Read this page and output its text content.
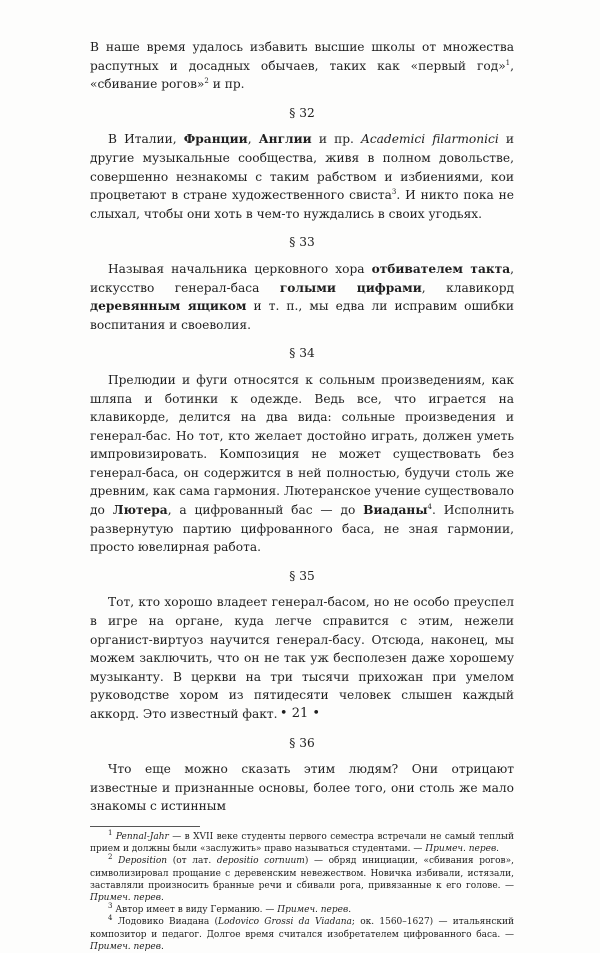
В наше время удалось избавить высшие школы от множества распутных и досадных обычаев, таких как «первый год»$^1$, «сбивание рогов»$^2$ и пр.

§ 32

В Италии, Франции, Англии и пр. Academici filarmonici и другие музыкальные сообщества, живя в полном довольстве, совершенно незнакомы с таким рабством и избиениями, кои процветают в стране художественного свиста$^3$. И никто пока не слыхал, чтобы они хоть в чем-то нуждались в своих угодьях.

§ 33

Называя начальника церковного хора отбивателем такта, искусство генерал-баса голыми цифрами, клавикорд деревянным ящиком и т. п., мы едва ли исправим ошибки воспитания и своеволия.

§ 34

Прелюдии и фуги относятся к сольным произведениям, как шляпа и ботинки к одежде. Ведь все, что играется на клавикорде, делится на два вида: сольные произведения и генерал-бас. Но тот, кто желает достойно играть, должен уметь импровизировать. Композиция не может существовать без генерал-баса, он содержится в ней полностью, будучи столь же древним, как сама гармония. Лютеранское учение существовало до Лютера, а цифрованный бас — до Виаданы$^4$. Исполнить развернутую партию цифрованного баса, не зная гармонии, просто ювелирная работа.

§ 35

Тот, кто хорошо владеет генерал-басом, но не особо преуспел в игре на органе, куда легче справится с этим, нежели органист-виртуоз научится генерал-басу. Отсюда, наконец, мы можем заключить, что он не так уж бесполезен даже хорошему музыканту. В церкви на три тысячи прихожан при умелом руководстве хором из пятидесяти человек слышен каждый аккорд. Это известный факт.

§ 36

Что еще можно сказать этим людям? Они отрицают известные и признанные основы, более того, они столь же мало знакомы с истинным

$^1$ Pennal-Jahr — в XVII веке студенты первого семестра встречали не самый теплый прием и должны были «заслужить» право называться студентами. — Примеч. перев.

$^2$ Deposition (от лат. depositio cornuum) — обряд инициации, «сбивания рогов», символизировал прощание с деревенским невежеством. Новичка избивали, истязали, заставляли произносить бранные речи и сбивали рога, привязанные к его голове. — Примеч. перев.

$^3$ Автор имеет в виду Германию. — Примеч. перев.

$^4$ Лодовико Виадана (Lodovico Grossi da Viadana; ок. 1560–1627) — итальянский композитор и педагог. Долгое время считался изобретателем цифрованного баса. — Примеч. перев.

• 21 •
